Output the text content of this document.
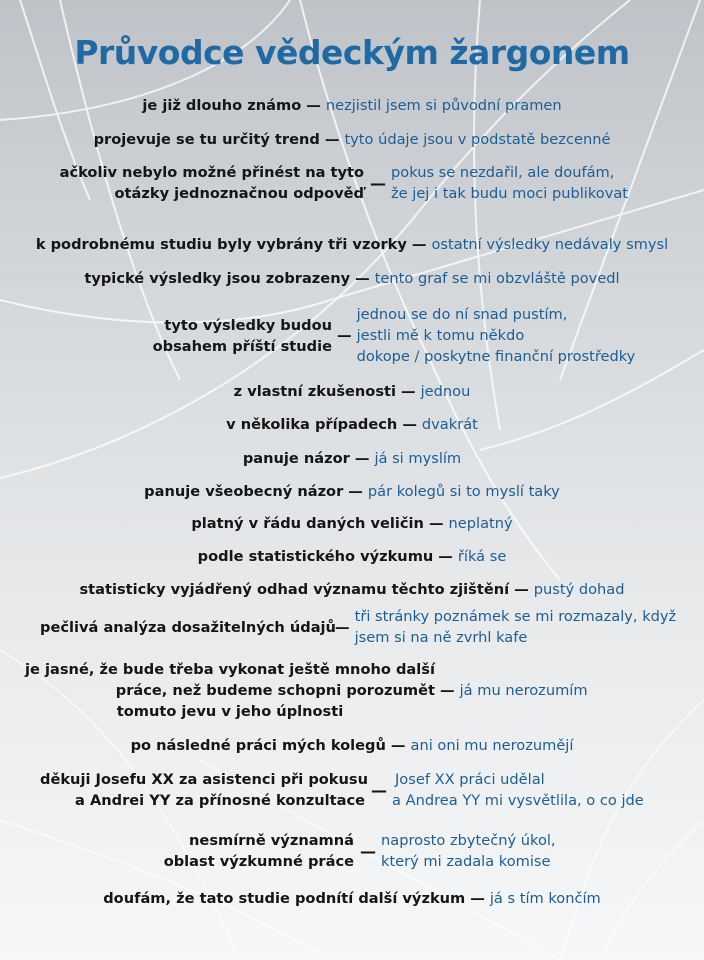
Průvodce vědeckým žargonem
je již dlouho známo — nezjistil jsem si původní pramen
projevuje se tu určitý trend — tyto údaje jsou v podstatě bezcenné
ačkoliv nebylo možné přinést na tyto
otázky jednoznačnou odpověď
—
pokus se nezdařil, ale doufám,
že jej i tak budu moci publikovat
k podrobnému studiu byly vybrány tři vzorky — ostatní výsledky nedávaly smysl
typické výsledky jsou zobrazeny — tento graf se mi obzvláště povedl
tyto výsledky budou
obsahem příští studie
—
jednou se do ní snad pustím,
jestli mě k tomu někdo
dokope / poskytne finanční prostředky
z vlastní zkušenosti — jednou
v několika případech — dvakrát
panuje názor — já si myslím
panuje všeobecný názor — pár kolegů si to myslí taky
platný v řádu daných veličin — neplatný
podle statistického výzkumu — říká se
statisticky vyjádřený odhad významu těchto zjištění — pustý dohad
pečlivá analýza dosažitelných údajů —
tři stránky poznámek se mi rozmazaly, když
jsem si na ně zvrhl kafe
je jasné, že bude třeba vykonat ještě mnoho další
práce, než budeme schopni porozumět
tomuto jevu v jeho úplnosti
— já mu nerozumím
po následné práci mých kolegů — ani oni mu nerozumějí
děkuji Josefu XX za asistenci při pokusu
a Andrei YY za přínosné konzultace
—
Josef XX práci udělal
a Andrea YY mi vysvětlila, o co jde
nesmírně významná
oblast výzkumné práce
—
naprosto zbytečný úkol,
který mi zadala komise
doufám, že tato studie podnítí další výzkum — já s tím končím
